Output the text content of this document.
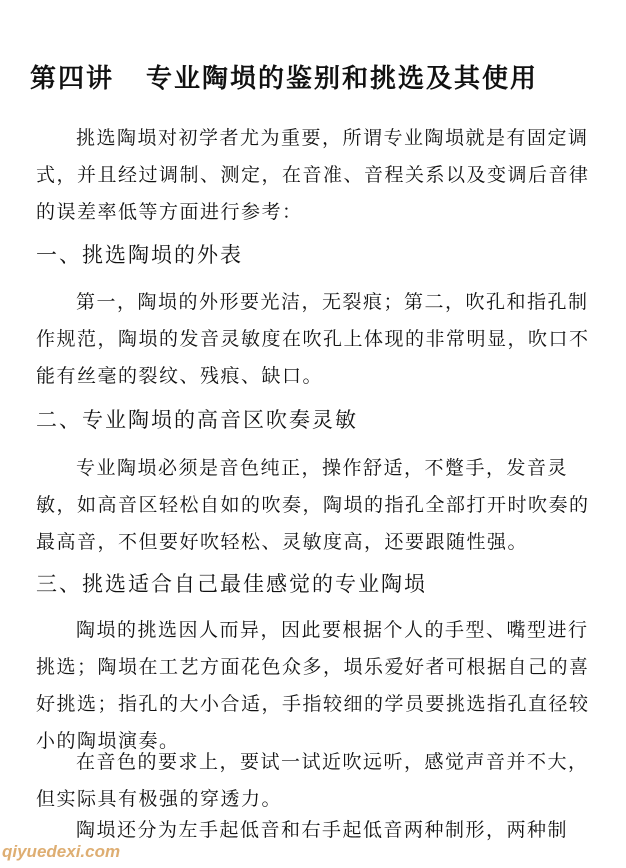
第四讲 专业陶埙的鉴别和挑选及其使用
挑选陶埙对初学者尤为重要，所谓专业陶埙就是有固定调式，并且经过调制、测定，在音准、音程关系以及变调后音律的误差率低等方面进行参考：
一、挑选陶埙的外表
第一，陶埙的外形要光洁，无裂痕；第二，吹孔和指孔制作规范，陶埙的发音灵敏度在吹孔上体现的非常明显，吹口不能有丝毫的裂纹、残痕、缺口。
二、专业陶埙的高音区吹奏灵敏
专业陶埙必须是音色纯正，操作舒适，不蹩手，发音灵敏，如高音区轻松自如的吹奏，陶埙的指孔全部打开时吹奏的最高音，不但要好吹轻松、灵敏度高，还要跟随性强。
三、挑选适合自己最佳感觉的专业陶埙
陶埙的挑选因人而异，因此要根据个人的手型、嘴型进行挑选；陶埙在工艺方面花色众多，埙乐爱好者可根据自己的喜好挑选；指孔的大小合适，手指较细的学员要挑选指孔直径较小的陶埙演奏。
在音色的要求上，要试一试近吹远听，感觉声音并不大，但实际具有极强的穿透力。
陶埙还分为左手起低音和右手起低音两种制形，两种制
qiyuedexi.com
